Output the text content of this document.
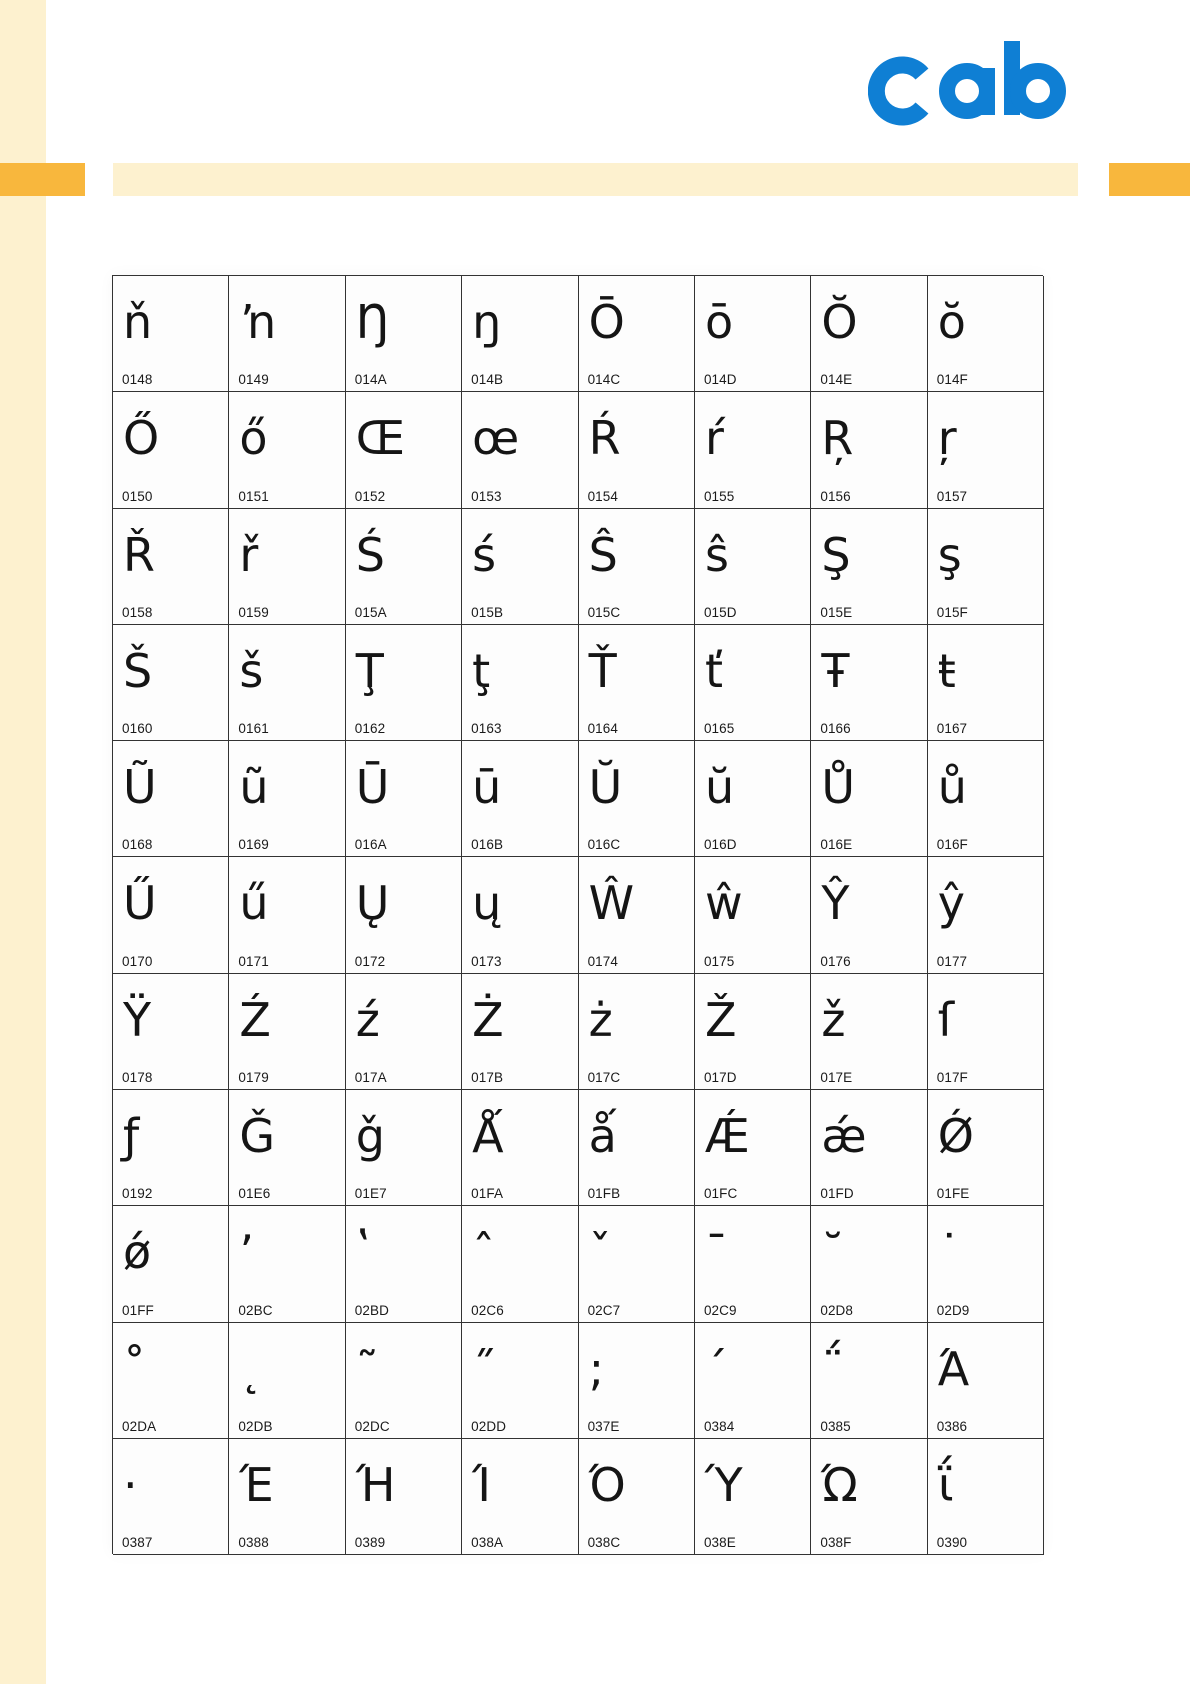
ň
0148
ŉ
0149
Ŋ
014A
ŋ
014B
Ō
014C
ō
014D
Ŏ
014E
ŏ
014F
Ő
0150
ő
0151
Œ
0152
œ
0153
Ŕ
0154
ŕ
0155
Ŗ
0156
ŗ
0157
Ř
0158
ř
0159
Ś
015A
ś
015B
Ŝ
015C
ŝ
015D
Ş
015E
ş
015F
Š
0160
š
0161
Ţ
0162
ţ
0163
Ť
0164
ť
0165
Ŧ
0166
ŧ
0167
Ũ
0168
ũ
0169
Ū
016A
ū
016B
Ŭ
016C
ŭ
016D
Ů
016E
ů
016F
Ű
0170
ű
0171
Ų
0172
ų
0173
Ŵ
0174
ŵ
0175
Ŷ
0176
ŷ
0177
Ÿ
0178
Ź
0179
ź
017A
Ż
017B
ż
017C
Ž
017D
ž
017E
ſ
017F
ƒ
0192
Ǧ
01E6
ǧ
01E7
Ǻ
01FA
ǻ
01FB
Ǽ
01FC
ǽ
01FD
Ǿ
01FE
ǿ
01FF
ʼ
02BC
ʽ
02BD
ˆ
02C6
ˇ
02C7
ˉ
02C9
˘
02D8
˙
02D9
˚
02DA
˛
02DB
˜
02DC
˝
02DD
;
037E
΄
0384
΅
0385
Ά
0386
·
0387
Έ
0388
Ή
0389
Ί
038A
Ό
038C
Ύ
038E
Ώ
038F
ΐ
0390
